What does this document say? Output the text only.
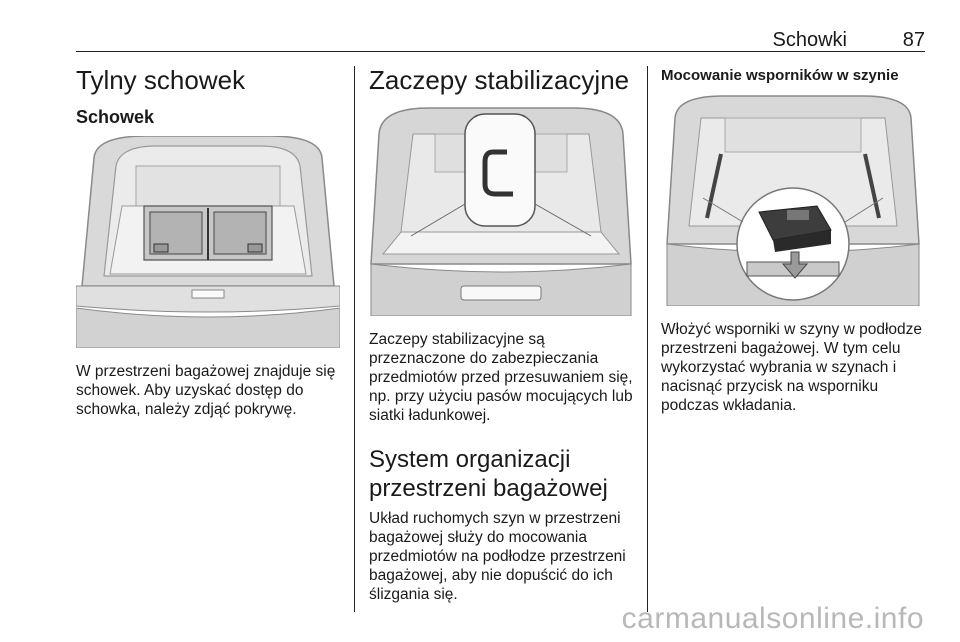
Schowki	87
Tylny schowek
Schowek

W przestrzeni bagażowej znajduje się schowek. Aby uzyskać dostęp do schowka, należy zdjąć pokrywę.

Zaczepy stabilizacyjne

Zaczepy stabilizacyjne są przeznaczone do zabezpieczania przedmiotów przed przesuwaniem się, np. przy użyciu pasów mocujących lub siatki ładunkowej.

System organizacji przestrzeni bagażowej

Układ ruchomych szyn w przestrzeni bagażowej służy do mocowania przedmiotów na podłodze przestrzeni bagażowej, aby nie dopuścić do ich ślizgania się.

Mocowanie wsporników w szynie

Włożyć wsporniki w szyny w podłodze przestrzeni bagażowej. W tym celu wykorzystać wybrania w szynach i nacisnąć przycisk na wsporniku podczas wkładania.

carmanualsonline.info
